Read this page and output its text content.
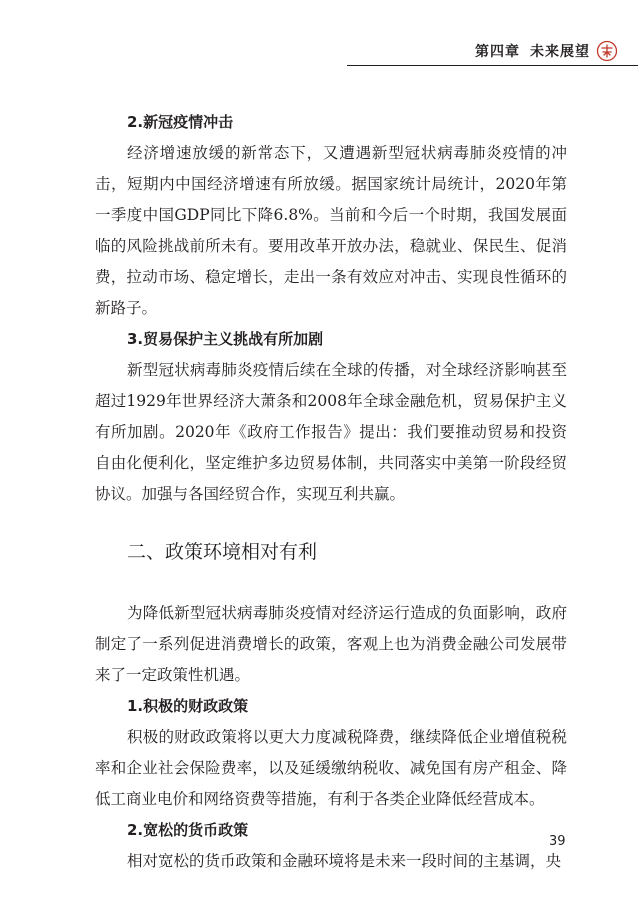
第四章 未来展望
2.新冠疫情冲击

经济增速放缓的新常态下，又遭遇新型冠状病毒肺炎疫情的冲击，短期内中国经济增速有所放缓。据国家统计局统计，2020年第一季度中国GDP同比下降6.8%。当前和今后一个时期，我国发展面临的风险挑战前所未有。要用改革开放办法，稳就业、保民生、促消费，拉动市场、稳定增长，走出一条有效应对冲击、实现良性循环的新路子。

3.贸易保护主义挑战有所加剧

新型冠状病毒肺炎疫情后续在全球的传播，对全球经济影响甚至超过1929年世界经济大萧条和2008年全球金融危机，贸易保护主义有所加剧。2020年《政府工作报告》提出：我们要推动贸易和投资自由化便利化，坚定维护多边贸易体制，共同落实中美第一阶段经贸协议。加强与各国经贸合作，实现互利共赢。

二、政策环境相对有利

为降低新型冠状病毒肺炎疫情对经济运行造成的负面影响，政府制定了一系列促进消费增长的政策，客观上也为消费金融公司发展带来了一定政策性机遇。

1.积极的财政政策

积极的财政政策将以更大力度减税降费，继续降低企业增值税税率和企业社会保险费率，以及延缓缴纳税收、减免国有房产租金、降低工商业电价和网络资费等措施，有利于各类企业降低经营成本。

2.宽松的货币政策

相对宽松的货币政策和金融环境将是未来一段时间的主基调，央

39
